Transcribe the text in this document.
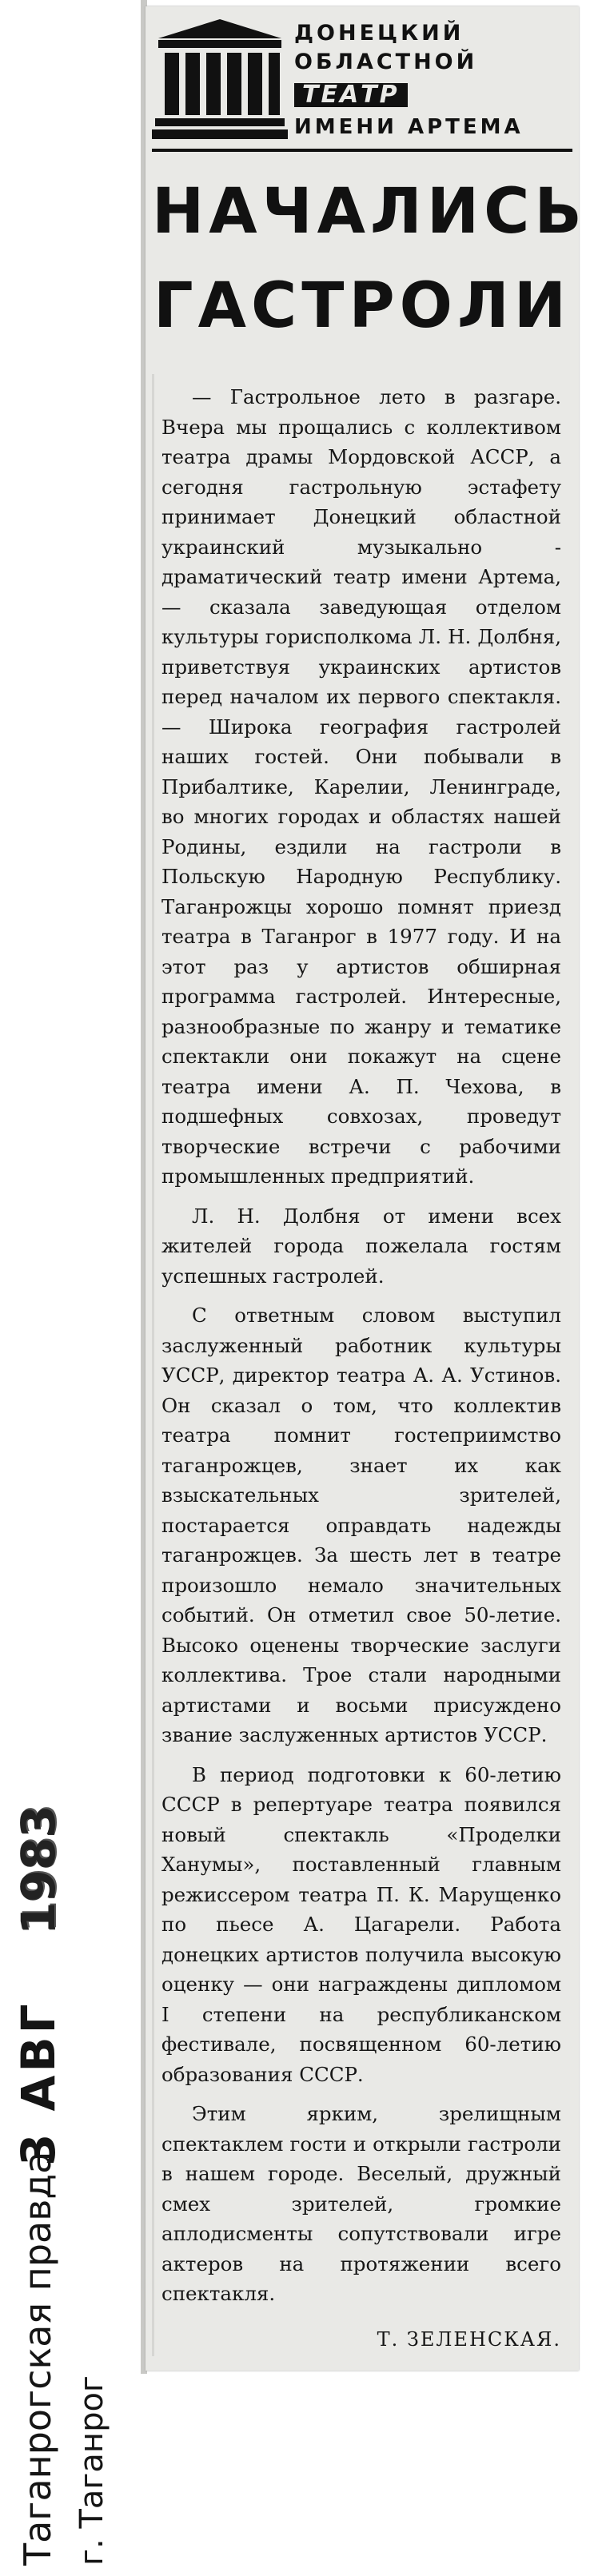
ДОНЕЦКИЙ
ОБЛАСТНОЙ
ТЕАТР
ИМЕНИ АРТЕМА
НАЧАЛИСЬ
ГАСТРОЛИ

— Гастрольное лето в разгаре. Вчера мы прощались с коллективом театра драмы Мордовской АССР, а сегодня гастрольную эстафету принимает Донецкий областной украинский музыкально - драматический театр имени Артема,— сказала заведующая отделом культуры горисполкома Л. Н. Долбня, приветствуя украинских артистов перед началом их первого спектакля.— Широка география гастролей наших гостей. Они побывали в Прибалтике, Карелии, Ленинграде, во многих городах и областях нашей Родины, ездили на гастроли в Польскую Народную Республику. Таганрожцы хорошо помнят приезд театра в Таганрог в 1977 году. И на этот раз у артистов обширная программа гастролей. Интересные, разнообразные по жанру и тематике спектакли они покажут на сцене театра имени А. П. Чехова, в подшефных совхозах, проведут творческие встречи с рабочими промышленных предприятий.

Л. Н. Долбня от имени всех жителей города пожелала гостям успешных гастролей.

С ответным словом выступил заслуженный работник культуры УССР, директор театра А. А. Устинов. Он сказал о том, что коллектив театра помнит гостеприимство таганрожцев, знает их как взыскательных зрителей, постарается оправдать надежды таганрожцев. За шесть лет в театре произошло немало значительных событий. Он отметил свое 50-летие. Высоко оценены творческие заслуги коллектива. Трое стали народными артистами и восьми присуждено звание заслуженных артистов УССР.

В период подготовки к 60-летию СССР в репертуаре театра появился новый спектакль «Проделки Ханумы», поставленный главным режиссером театра П. К. Марущенко по пьесе А. Цагарели. Работа донецких артистов получила высокую оценку — они награждены дипломом I степени на республиканском фестивале, посвященном 60-летию образования СССР.

Этим ярким, зрелищным спектаклем гости и открыли гастроли в нашем городе. Веселый, дружный смех зрителей, громкие аплодисменты сопутствовали игре актеров на протяжении всего спектакля.

Т. ЗЕЛЕНСКАЯ.
Таганрогская правда г. Таганрог
3 АВГ
1983
